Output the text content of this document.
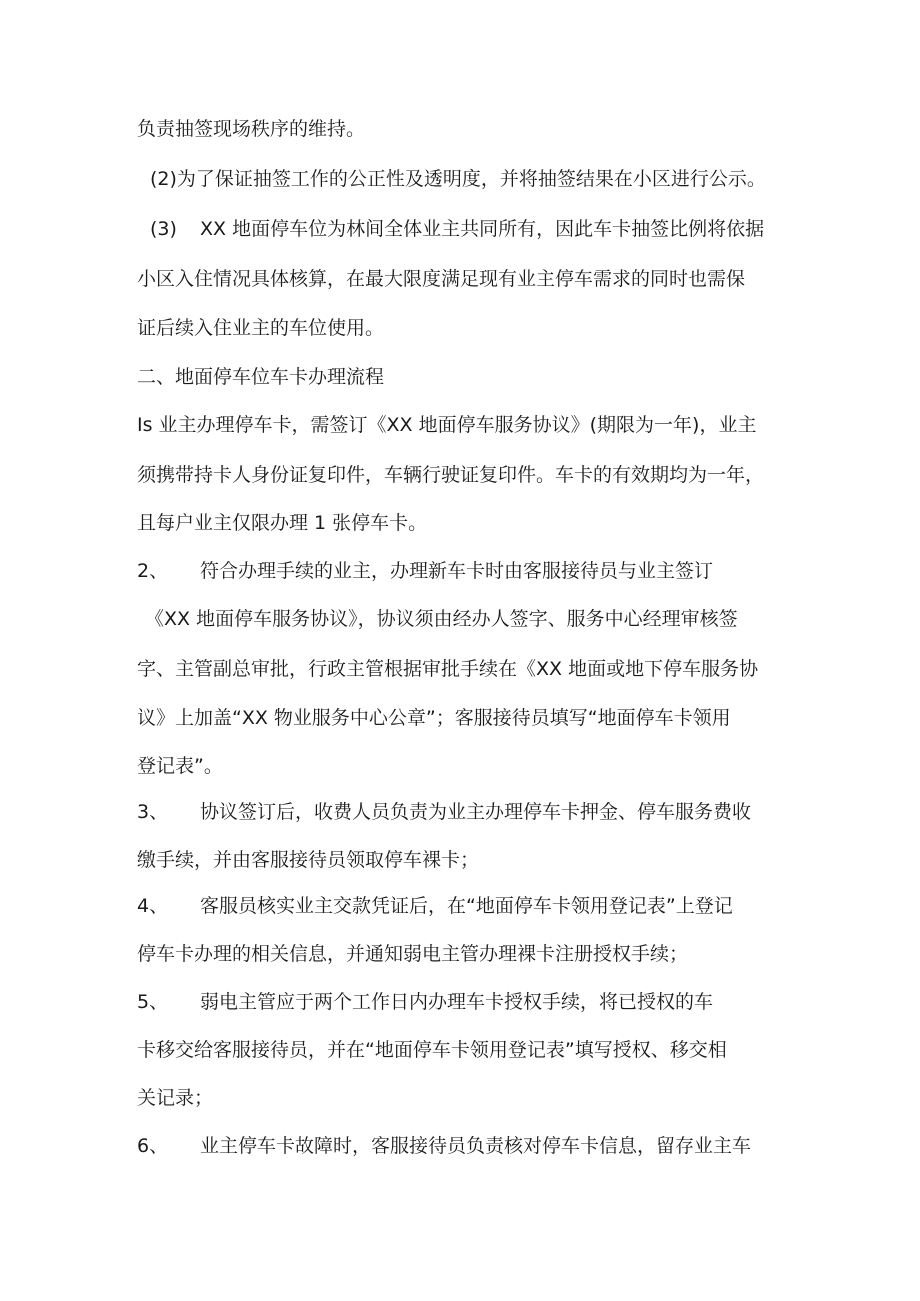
负责抽签现场秩序的维持。
(2)为了保证抽签工作的公正性及透明度，并将抽签结果在小区进行公示。
(3) XX 地面停车位为林间全体业主共同所有，因此车卡抽签比例将依据
小区入住情况具体核算，在最大限度满足现有业主停车需求的同时也需保
证后续入住业主的车位使用。
二、地面停车位车卡办理流程
Is 业主办理停车卡，需签订《XX 地面停车服务协议》(期限为一年)，业主
须携带持卡人身份证复印件，车辆行驶证复印件。车卡的有效期均为一年，
且每户业主仅限办理 1 张停车卡。
2、 符合办理手续的业主，办理新车卡时由客服接待员与业主签订
《XX 地面停车服务协议》，协议须由经办人签字、服务中心经理审核签
字、主管副总审批，行政主管根据审批手续在《XX 地面或地下停车服务协
议》上加盖“XX 物业服务中心公章”；客服接待员填写“地面停车卡领用
登记表”。
3、 协议签订后，收费人员负责为业主办理停车卡押金、停车服务费收
缴手续，并由客服接待员领取停车裸卡；
4、 客服员核实业主交款凭证后，在“地面停车卡领用登记表”上登记
停车卡办理的相关信息，并通知弱电主管办理裸卡注册授权手续；
5、 弱电主管应于两个工作日内办理车卡授权手续，将已授权的车
卡移交给客服接待员，并在“地面停车卡领用登记表”填写授权、移交相
关记录；
6、 业主停车卡故障时，客服接待员负责核对停车卡信息，留存业主车
